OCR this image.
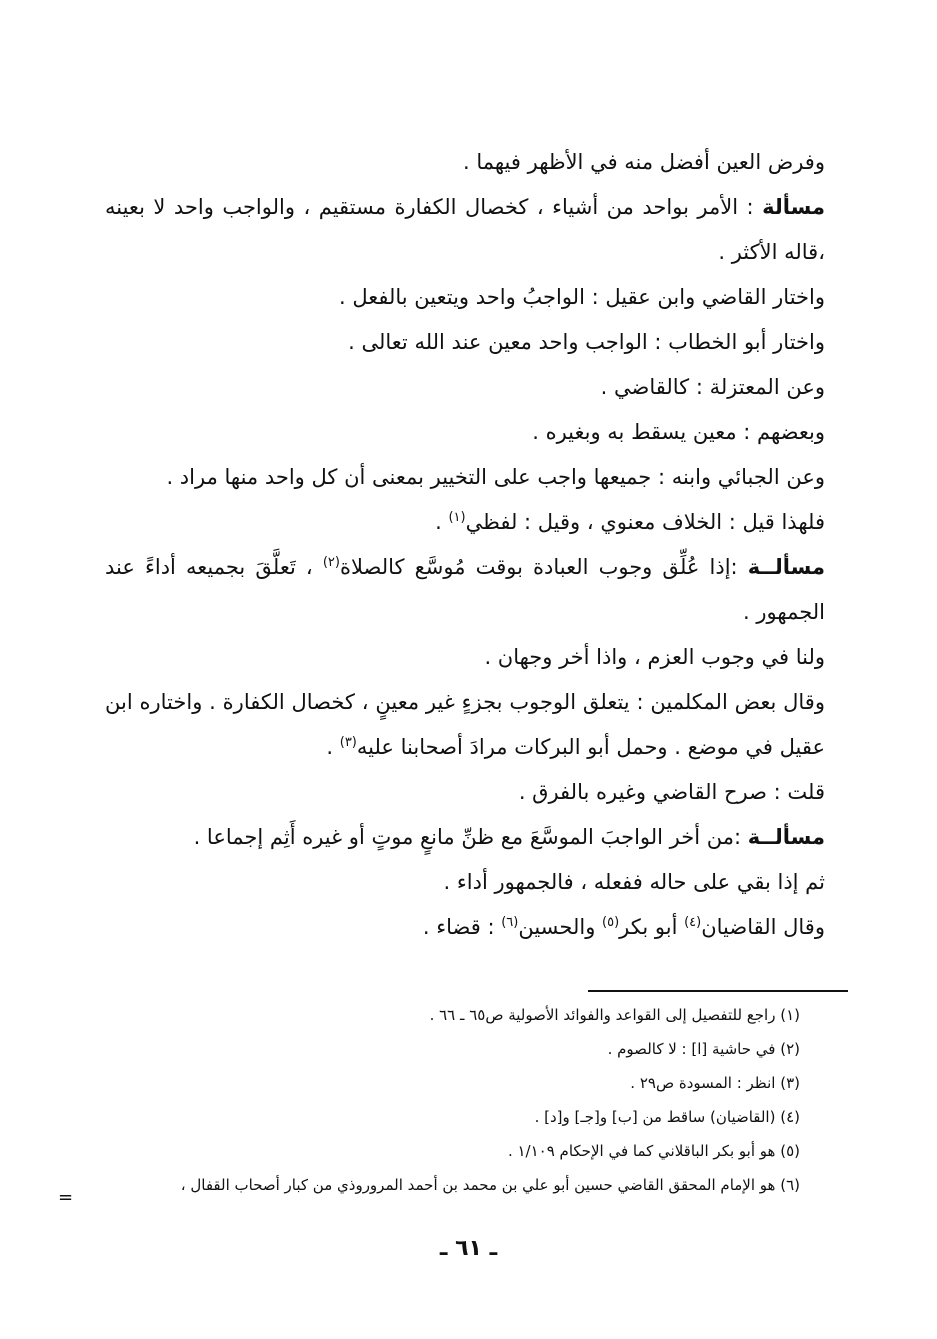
وفرض العين أفضل منه في الأظهر فيهما .

مسألة : الأمر بواحد من أشياء ، كخصال الكفارة مستقيم ، والواجب واحد لا بعينه ،قاله الأكثر .

واختار القاضي وابن عقيل : الواجبُ واحد ويتعين بالفعل .

واختار أبو الخطاب : الواجب واحد معين عند الله تعالى .

وعن المعتزلة : كالقاضي .

وبعضهم : معين يسقط به وبغيره .

وعن الجبائي وابنه : جميعها واجب على التخيير بمعنى أن كل واحد منها مراد .

فلهذا قيل : الخلاف معنوي ، وقيل : لفظي$^{(١)}$ .

مسألــة :إذا عُلِّق وجوب العبادة بوقت مُوسَّع كالصلاة$^{(٢)}$ ، تَعلَّقَ بجميعه أداءً عند الجمهور .

ولنا في وجوب العزم ، واذا أخر وجهان .

وقال بعض المكلمين : يتعلق الوجوب بجزءٍ غير معينٍ ، كخصال الكفارة . واختاره ابن عقيل في موضع . وحمل أبو البركات مرادَ أصحابنا عليه$^{(٣)}$ .

قلت : صرح القاضي وغيره بالفرق .

مسألــة :من أخر الواجبَ الموسَّعَ مع ظنِّ مانعٍ موتٍ أو غيره أَثِم إجماعا .

ثم إذا بقي على حاله ففعله ، فالجمهور أداء .

وقال القاضيان$^{(٤)}$ أبو بكر$^{(٥)}$ والحسين$^{(٦)}$ : قضاء .

(١) راجع للتفصيل إلى القواعد والفوائد الأصولية ص٦٥ ـ ٦٦ .

(٢) في حاشية [ا] : لا كالصوم .

(٣) انظر : المسودة ص٢٩ .

(٤) (القاضيان) ساقط من [ب] و[جـ] و[د] .

(٥) هو أبو بكر الباقلاني كما في الإحكام ١/١٠٩ .

(٦) هو الإمام المحقق القاضي حسين أبو علي بن محمد بن أحمد المروروذي من كبار أصحاب القفال ،

=
ـ ٦١ ـ
